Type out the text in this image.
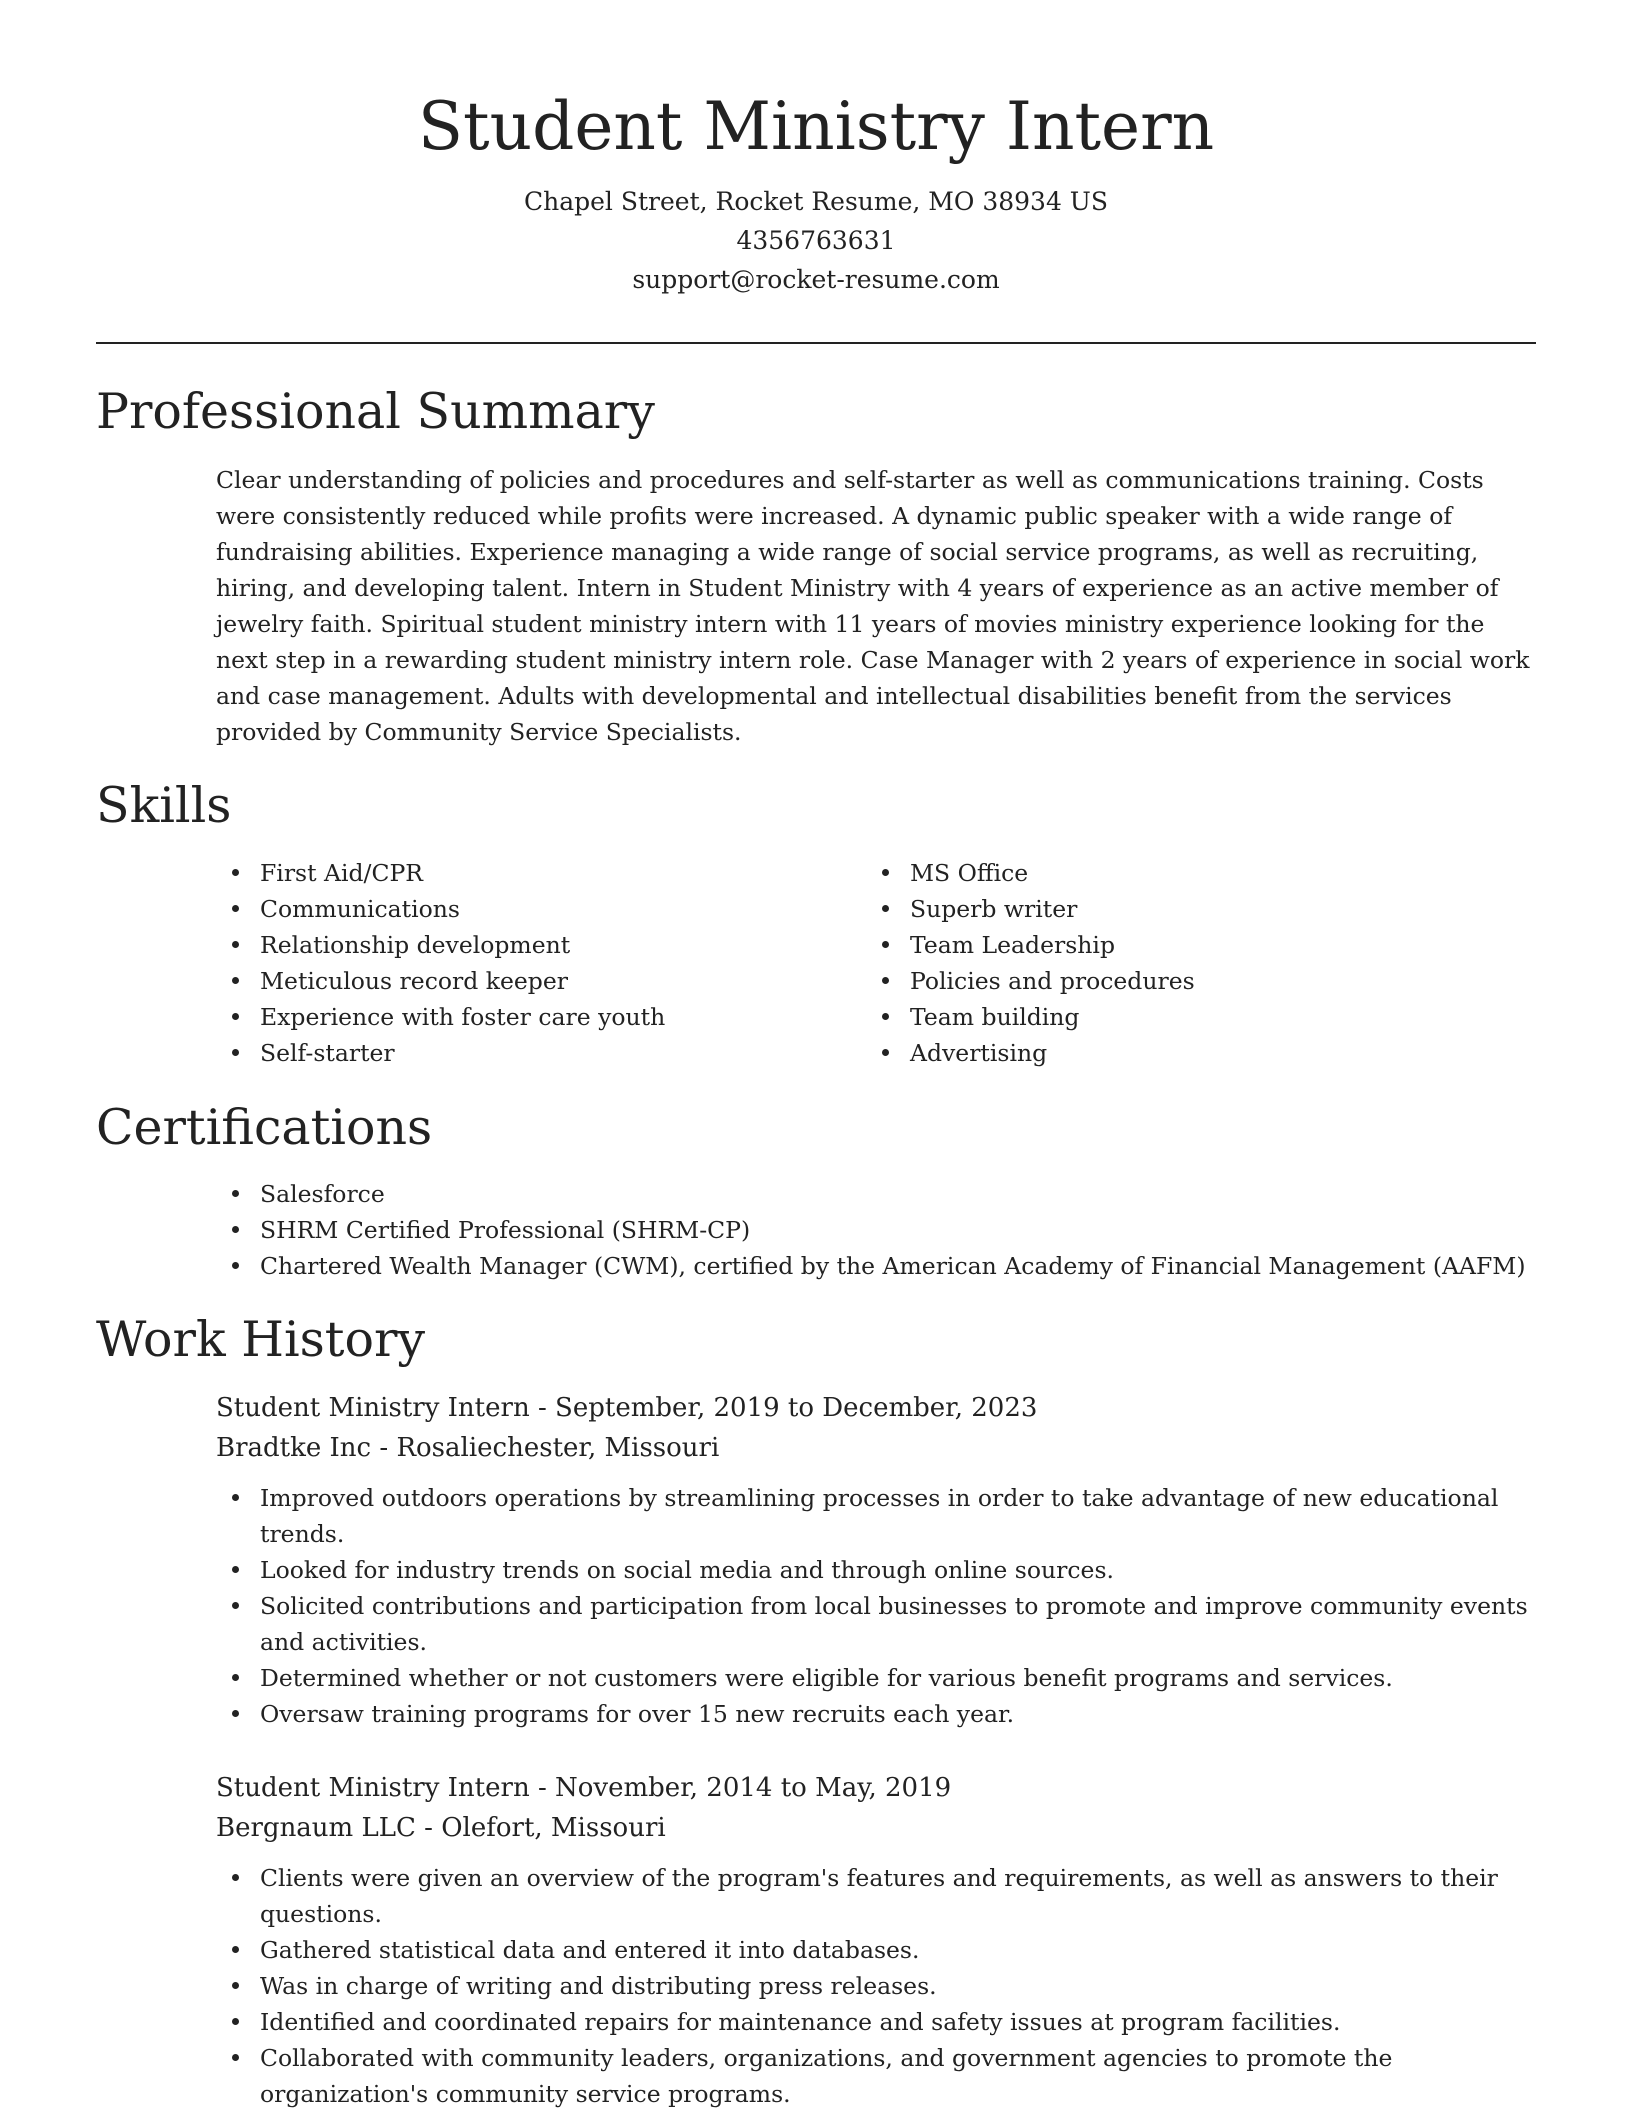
Student Ministry Intern
Chapel Street, Rocket Resume, MO 38934 US
4356763631
support@rocket-resume.com
Professional Summary

Clear understanding of policies and procedures and self-starter as well as communications training. Costs were consistently reduced while profits were increased. A dynamic public speaker with a wide range of fundraising abilities. Experience managing a wide range of social service programs, as well as recruiting, hiring, and developing talent. Intern in Student Ministry with 4 years of experience as an active member of jewelry faith. Spiritual student ministry intern with 11 years of movies ministry experience looking for the next step in a rewarding student ministry intern role. Case Manager with 2 years of experience in social work and case management. Adults with developmental and intellectual disabilities benefit from the services provided by Community Service Specialists.

Skills
First Aid/CPR
Communications
Relationship development
Meticulous record keeper
Experience with foster care youth
Self-starter
MS Office
Superb writer
Team Leadership
Policies and procedures
Team building
Advertising
Certifications
Salesforce
SHRM Certified Professional (SHRM-CP)
Chartered Wealth Manager (CWM), certified by the American Academy of Financial Management (AAFM)
Work History
Student Ministry Intern - September, 2019 to December, 2023
Bradtke Inc - Rosaliechester, Missouri
Improved outdoors operations by streamlining processes in order to take advantage of new educational trends.
Looked for industry trends on social media and through online sources.
Solicited contributions and participation from local businesses to promote and improve community events and activities.
Determined whether or not customers were eligible for various benefit programs and services.
Oversaw training programs for over 15 new recruits each year.
Student Ministry Intern - November, 2014 to May, 2019
Bergnaum LLC - Olefort, Missouri
Clients were given an overview of the program's features and requirements, as well as answers to their questions.
Gathered statistical data and entered it into databases.
Was in charge of writing and distributing press releases.
Identified and coordinated repairs for maintenance and safety issues at program facilities.
Collaborated with community leaders, organizations, and government agencies to promote the organization's community service programs.
